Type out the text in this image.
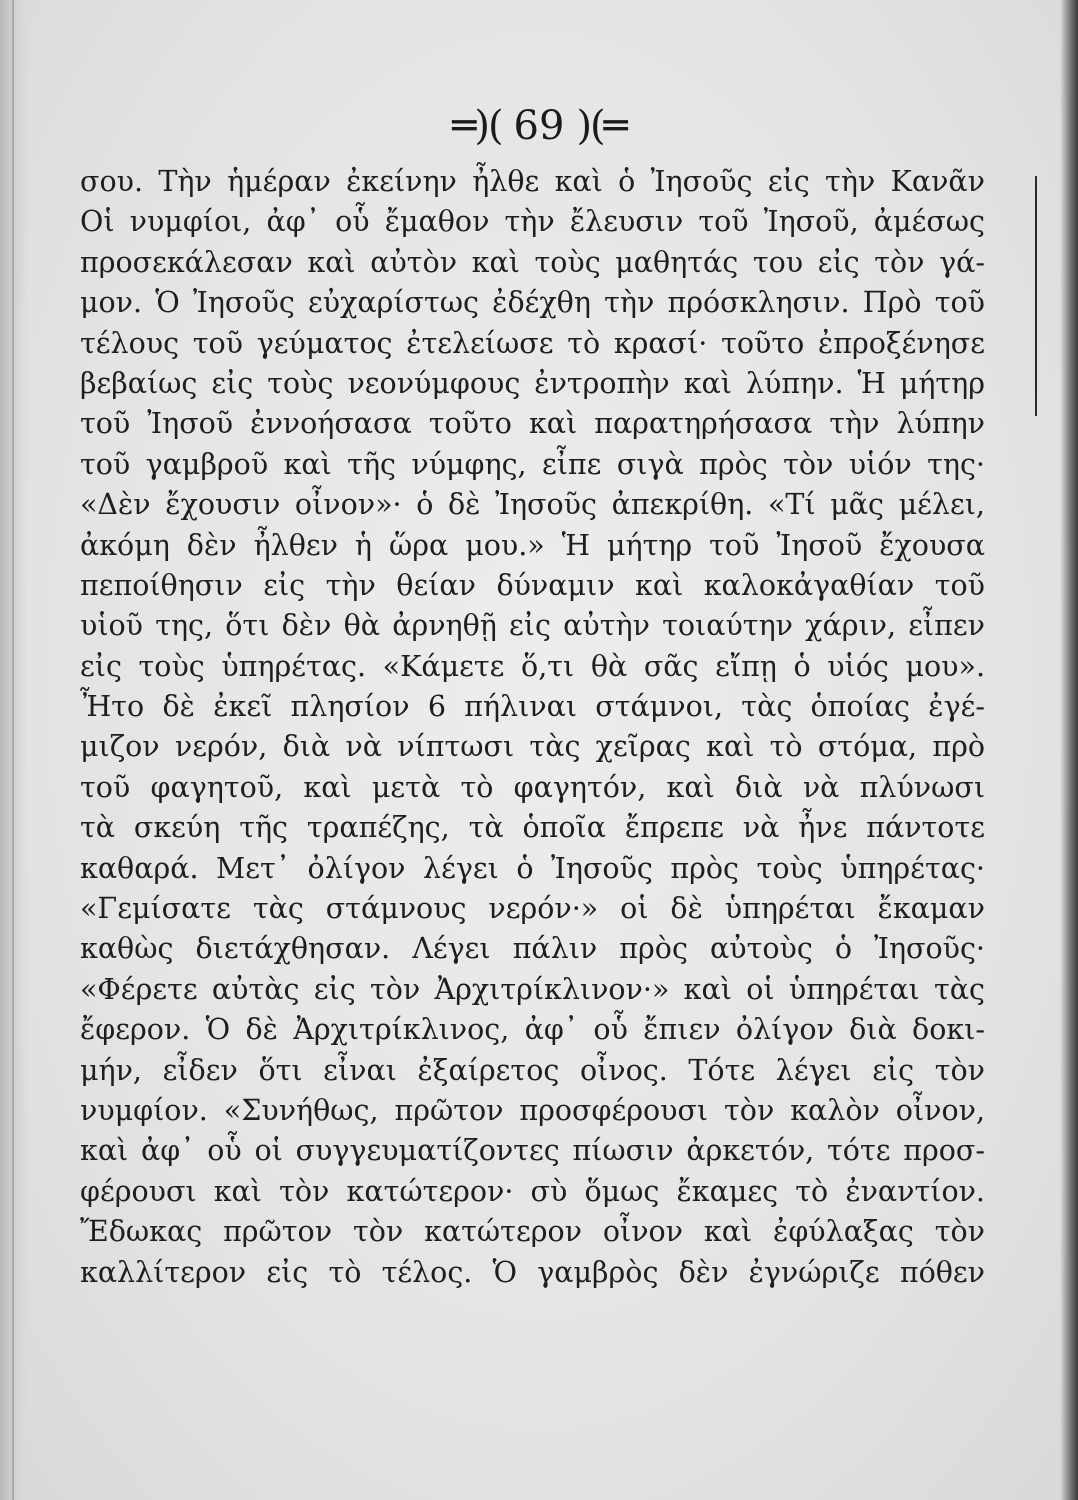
═)( 69 )(═
σου. Τὴν ἡμέραν ἐκείνην ἦλθε καὶ ὁ Ἰησοῦς εἰς τὴν Κανᾶν
Οἱ νυμφίοι, ἀφ᾽ οὗ ἔμαθον τὴν ἔλευσιν τοῦ Ἰησοῦ, ἀμέσως
προσεκάλεσαν καὶ αὐτὸν καὶ τοὺς μαθητάς του εἰς τὸν γά-
μον. Ὁ Ἰησοῦς εὐχαρίστως ἐδέχθη τὴν πρόσκλησιν. Πρὸ τοῦ
τέλους τοῦ γεύματος ἐτελείωσε τὸ κρασί· τοῦτο ἐπροξένησε
βεβαίως εἰς τοὺς νεονύμφους ἐντροπὴν καὶ λύπην. Ἡ μήτηρ
τοῦ Ἰησοῦ ἐννοήσασα τοῦτο καὶ παρατηρήσασα τὴν λύπην
τοῦ γαμβροῦ καὶ τῆς νύμφης, εἶπε σιγὰ πρὸς τὸν υἱόν της·
«Δὲν ἔχουσιν οἶνον»· ὁ δὲ Ἰησοῦς ἀπεκρίθη. «Τί μᾶς μέλει,
ἀκόμη δὲν ἦλθεν ἡ ὥρα μου.» Ἡ μήτηρ τοῦ Ἰησοῦ ἔχουσα
πεποίθησιν εἰς τὴν θείαν δύναμιν καὶ καλοκἀγαθίαν τοῦ
υἱοῦ της, ὅτι δὲν θὰ ἀρνηθῇ εἰς αὐτὴν τοιαύτην χάριν, εἶπεν
εἰς τοὺς ὑπηρέτας. «Κάμετε ὅ,τι θὰ σᾶς εἴπῃ ὁ υἱός μου».
Ἦτο δὲ ἐκεῖ πλησίον 6 πήλιναι στάμνοι, τὰς ὁποίας ἐγέ-
μιζον νερόν, διὰ νὰ νίπτωσι τὰς χεῖρας καὶ τὸ στόμα, πρὸ
τοῦ φαγητοῦ, καὶ μετὰ τὸ φαγητόν, καὶ διὰ νὰ πλύνωσι
τὰ σκεύη τῆς τραπέζης, τὰ ὁποῖα ἔπρεπε νὰ ἦνε πάντοτε
καθαρά. Μετ᾽ ὀλίγον λέγει ὁ Ἰησοῦς πρὸς τοὺς ὑπηρέτας·
«Γεμίσατε τὰς στάμνους νερόν·» οἱ δὲ ὑπηρέται ἔκαμαν
καθὼς διετάχθησαν. Λέγει πάλιν πρὸς αὐτοὺς ὁ Ἰησοῦς·
«Φέρετε αὐτὰς εἰς τὸν Ἀρχιτρίκλινον·» καὶ οἱ ὑπηρέται τὰς
ἔφερον. Ὁ δὲ Ἀρχιτρίκλινος, ἀφ᾽ οὗ ἔπιεν ὀλίγον διὰ δοκι-
μήν, εἶδεν ὅτι εἶναι ἐξαίρετος οἶνος. Τότε λέγει εἰς τὸν
νυμφίον. «Συνήθως, πρῶτον προσφέρουσι τὸν καλὸν οἶνον,
καὶ ἀφ᾽ οὗ οἱ συγγευματίζοντες πίωσιν ἀρκετόν, τότε προσ-
φέρουσι καὶ τὸν κατώτερον· σὺ ὅμως ἔκαμες τὸ ἐναντίον.
Ἔδωκας πρῶτον τὸν κατώτερον οἶνον καὶ ἐφύλαξας τὸν
καλλίτερον εἰς τὸ τέλος. Ὁ γαμβρὸς δὲν ἐγνώριζε πόθεν
